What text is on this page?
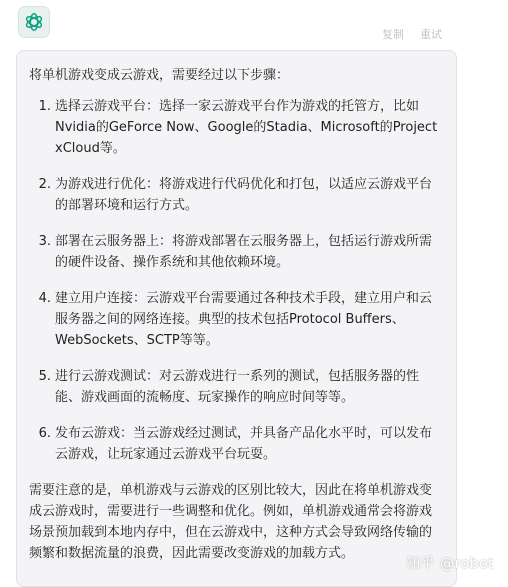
复制 重试

将单机游戏变成云游戏，需要经过以下步骤：

1. 选择云游戏平台：选择一家云游戏平台作为游戏的托管方，比如Nvidia的GeForce Now、Google的Stadia、Microsoft的Project xCloud等。
2. 为游戏进行优化：将游戏进行代码优化和打包，以适应云游戏平台的部署环境和运行方式。
3. 部署在云服务器上：将游戏部署在云服务器上，包括运行游戏所需的硬件设备、操作系统和其他依赖环境。
4. 建立用户连接：云游戏平台需要通过各种技术手段，建立用户和云服务器之间的网络连接。典型的技术包括Protocol Buffers、WebSockets、SCTP等等。
5. 进行云游戏测试：对云游戏进行一系列的测试，包括服务器的性能、游戏画面的流畅度、玩家操作的响应时间等等。
6. 发布云游戏：当云游戏经过测试，并具备产品化水平时，可以发布云游戏，让玩家通过云游戏平台玩耍。

需要注意的是，单机游戏与云游戏的区别比较大，因此在将单机游戏变成云游戏时，需要进行一些调整和优化。例如，单机游戏通常会将游戏场景预加载到本地内存中，但在云游戏中，这种方式会导致网络传输的频繁和数据流量的浪费，因此需要改变游戏的加载方式。

知乎 @robot
